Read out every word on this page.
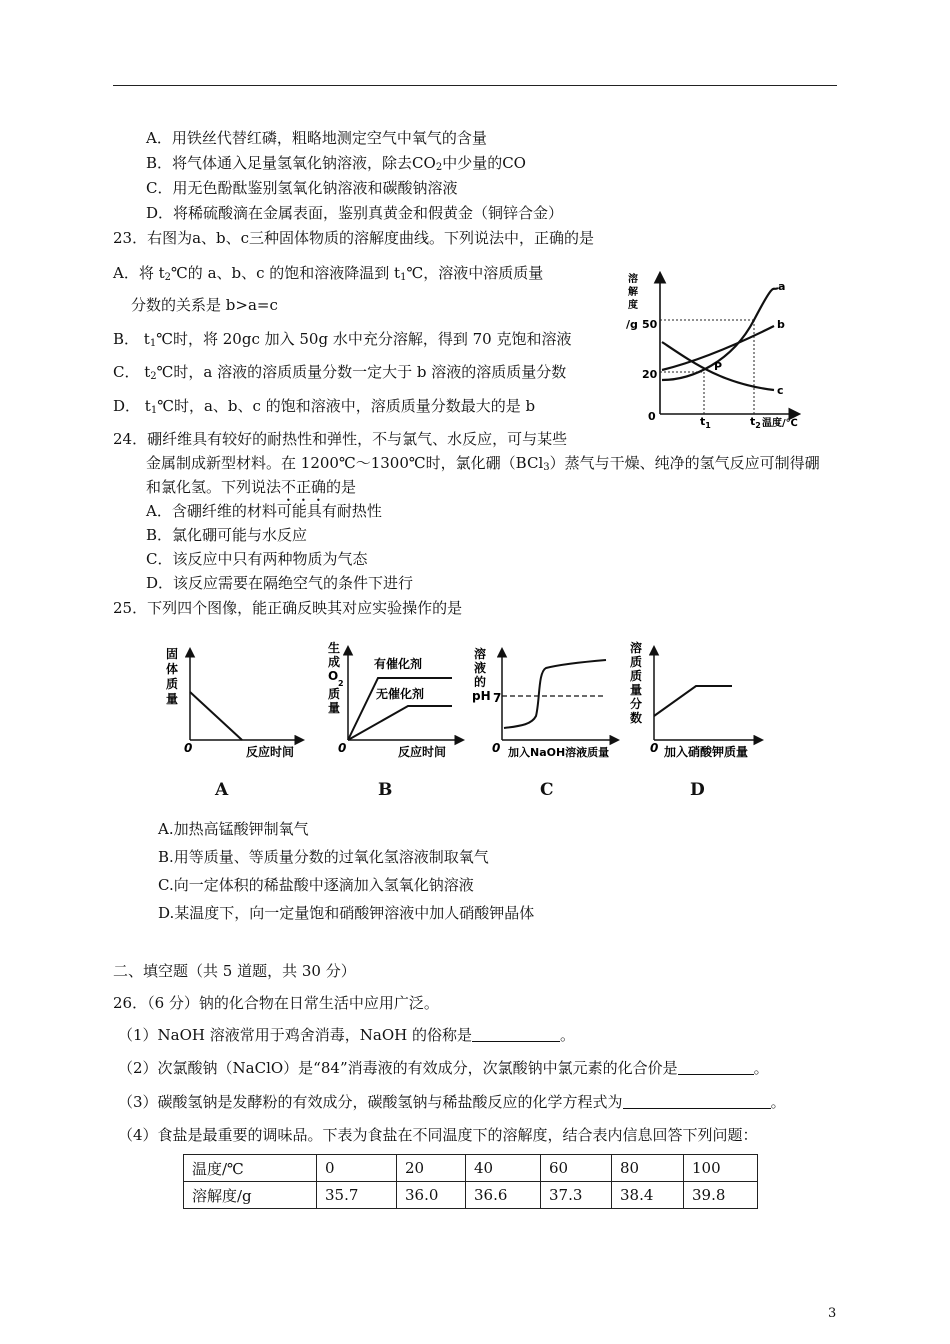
A．用铁丝代替红磷，粗略地测定空气中氧气的含量
B．将气体通入足量氢氧化钠溶液，除去$CO_2$中少量的CO
C．用无色酚酞鉴别氢氧化钠溶液和碳酸钠溶液
D．将稀硫酸滴在金属表面，鉴别真黄金和假黄金（铜锌合金）
23．右图为a、b、c三种固体物质的溶解度曲线。下列说法中，正确的是
A．将 $t_2℃$的 a、b、c 的饱和溶液降温到 $t_1℃$，溶液中溶质质量
分数的关系是 b>a=c
B． $t_1℃$时，将 20gc 加入 50g 水中充分溶解，得到 70 克饱和溶液
C． $t_2℃$时，a 溶液的溶质质量分数一定大于 b 溶液的溶质质量分数
D． $t_1℃$时，a、b、c 的饱和溶液中，溶质质量分数最大的是 b
溶
解
度
/g 50
20
0
a
b
c
P
$t_1$	$t_2$ 温度/℃
24．硼纤维具有较好的耐热性和弹性，不与氯气、水反应，可与某些
金属制成新型材料。在 1200℃～1300℃时，氯化硼（BCl$_3$）蒸气与干燥、纯净的氢气反应可制得硼
和氯化氢。下列说法不正确的是
A．含硼纤维的材料可能具有耐热性
B．氯化硼可能与水反应
C．该反应中只有两种物质为气态
D．该反应需要在隔绝空气的条件下进行
25．下列四个图像，能正确反映其对应实验操作的是
固
体
质
量
0	反应时间
A
生
成
O
2
质
量
0	反应时间
有催化剂
无催化剂
B
溶
液
的
pH 7
0 加入NaOH溶液质量
C
溶
质
质
量
分
数
0 加入硝酸钾质量
D
A.加热高锰酸钾制氧气
B.用等质量、等质量分数的过氧化氢溶液制取氧气
C.向一定体积的稀盐酸中逐滴加入氢氧化钠溶液
D.某温度下，向一定量饱和硝酸钾溶液中加人硝酸钾晶体
二、填空题（共 5 道题，共 30 分）
26．（6 分）钠的化合物在日常生活中应用广泛。
（1）NaOH 溶液常用于鸡舍消毒，NaOH 的俗称是	。
（2）次氯酸钠（NaClO）是“84”消毒液的有效成分，次氯酸钠中氯元素的化合价是	。
（3）碳酸氢钠是发酵粉的有效成分，碳酸氢钠与稀盐酸反应的化学方程式为	。
（4）食盐是最重要的调味品。下表为食盐在不同温度下的溶解度，结合表内信息回答下列问题：
温度/℃	0	20	40	60	80	100
溶解度/g	35.7	36.0	36.6	37.3	38.4	39.8
3
